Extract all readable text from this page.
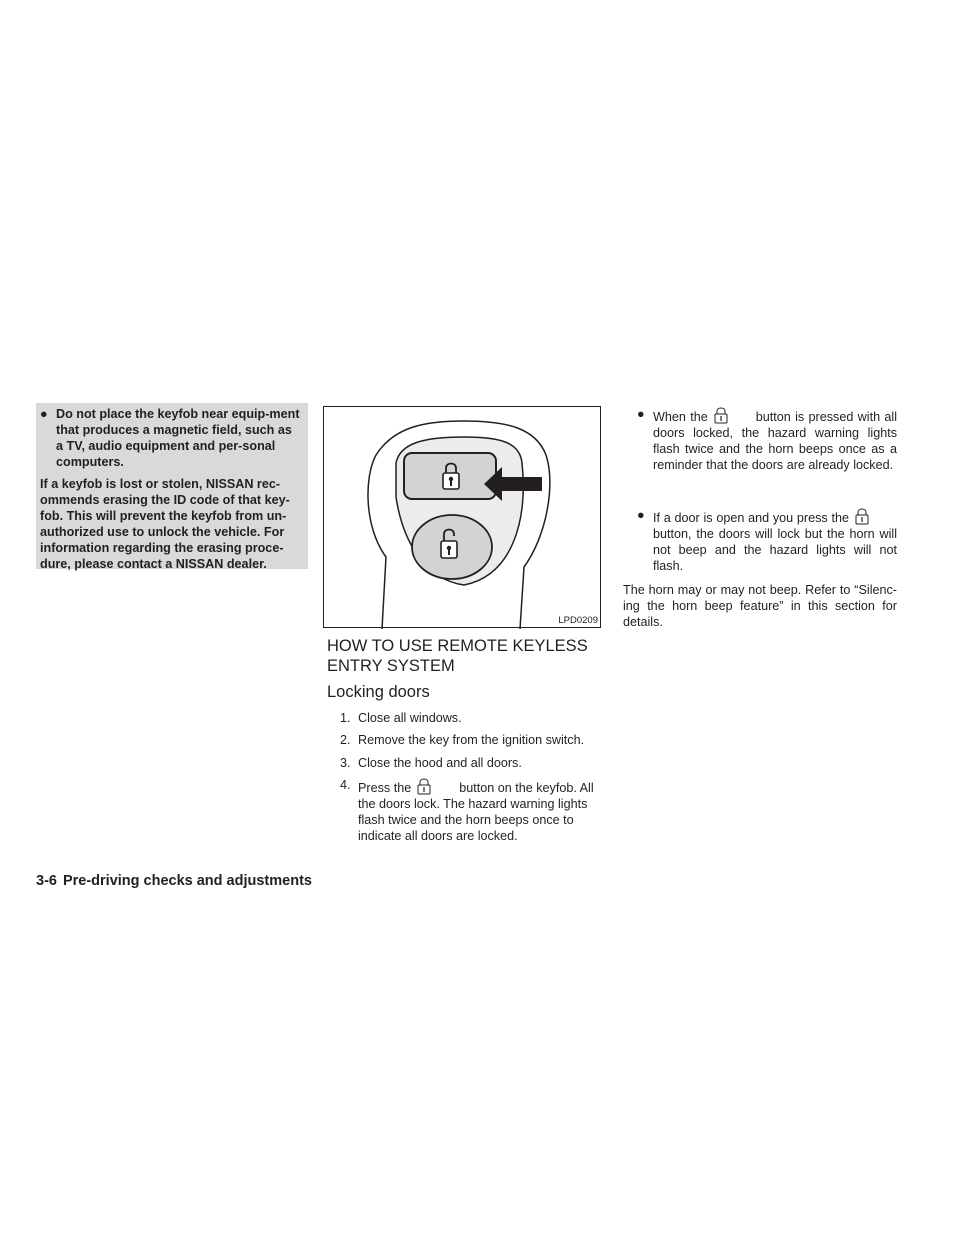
● Do not place the keyfob near equip-ment that produces a magnetic field, such as a TV, audio equipment and per-sonal computers.
If a keyfob is lost or stolen, NISSAN rec-ommends erasing the ID code of that key-fob. This will prevent the keyfob from un-authorized use to unlock the vehicle. For information regarding the erasing proce-dure, please contact a NISSAN dealer.
LPD0209
HOW TO USE REMOTE KEYLESS ENTRY SYSTEM
Locking doors
1. Close all windows.
2. Remove the key from the ignition switch.
3. Close the hood and all doors.
4. Press the	button on the keyfob. All the doors lock. The hazard warning lights flash twice and the horn beeps once to indicate all doors are locked.
● When the	button is pressed with all doors locked, the hazard warning lights flash twice and the horn beeps once as a reminder that the doors are already locked.
● If a door is open and you press thebutton, the doors will lock but the horn will not beep and the hazard lights will not flash.
The horn may or may not beep. Refer to “Silenc-ing the horn beep feature” in this section for details.
3-6 Pre-driving checks and adjustments
